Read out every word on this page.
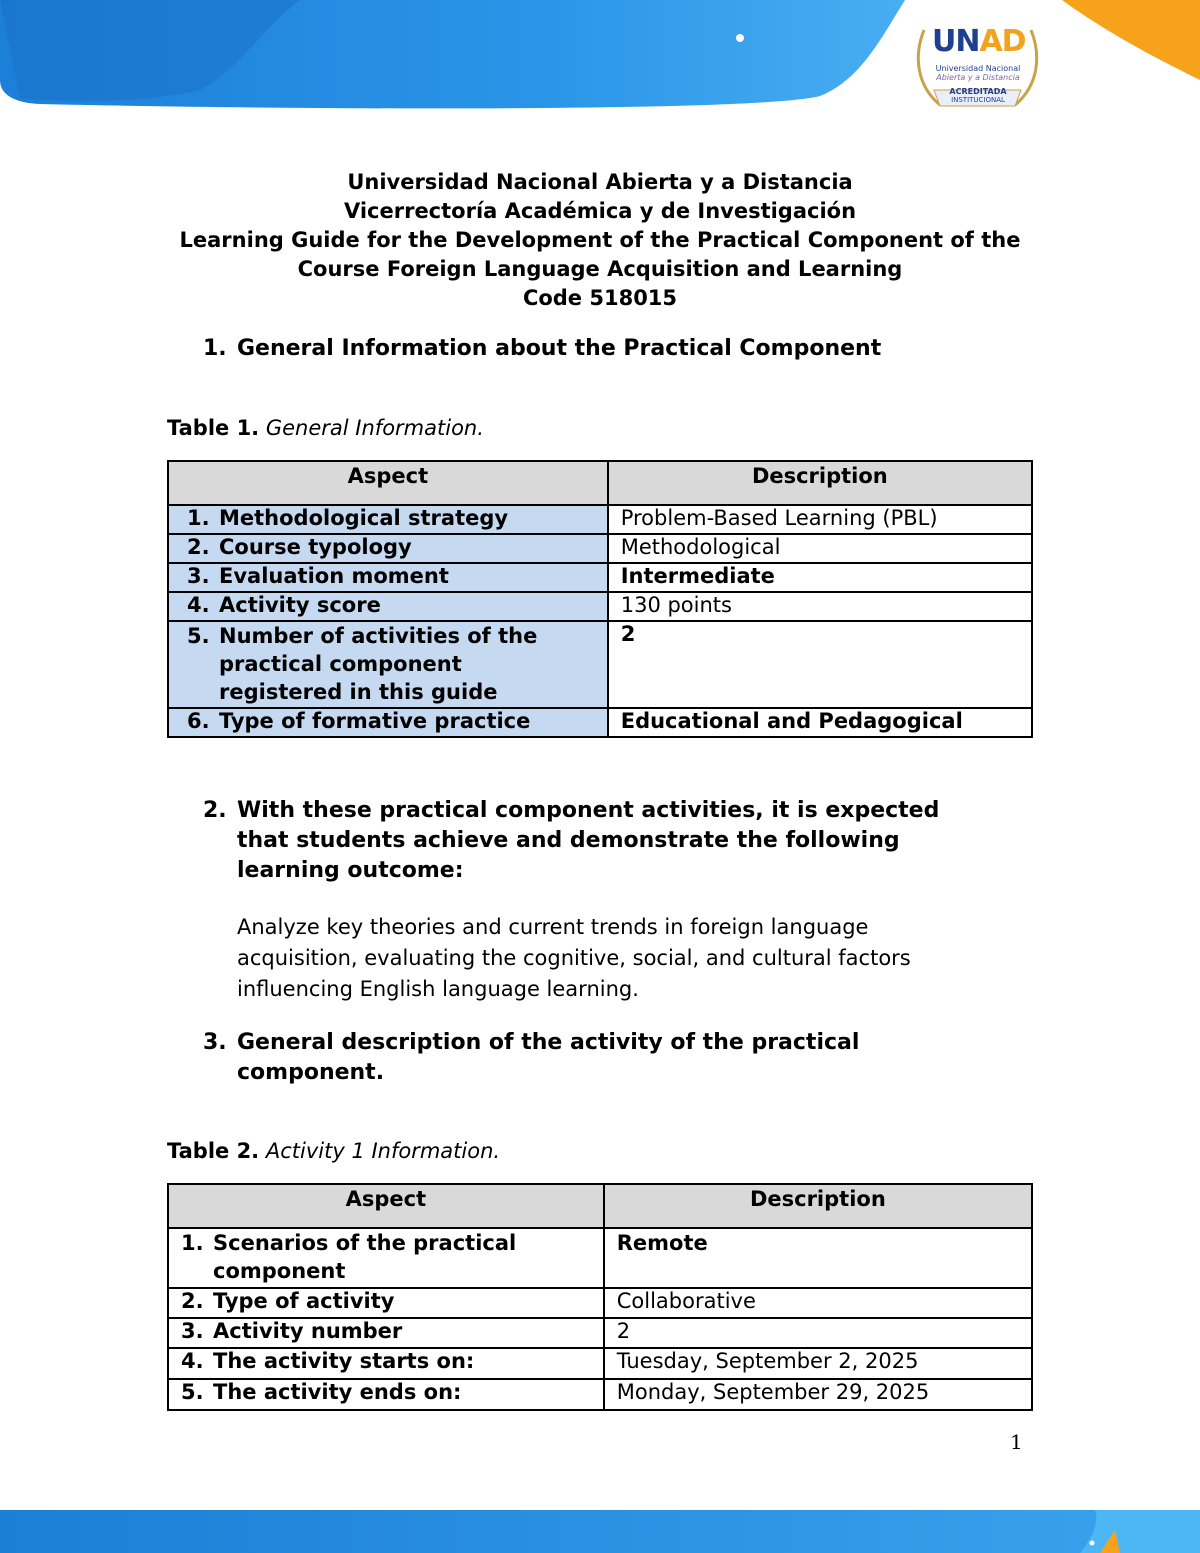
UNAD
Universidad Nacional
Abierta y a Distancia
ACREDITADA
INSTITUCIONAL
Universidad Nacional Abierta y a Distancia
Vicerrectoría Académica y de Investigación
Learning Guide for the Development of the Practical Component of the
Course Foreign Language Acquisition and Learning
Code 518015
1. General Information about the Practical Component
Table 1. General Information.
Aspect	Description
1. Methodological strategy	Problem-Based Learning (PBL)
2. Course typology	Methodological
3. Evaluation moment	Intermediate
4. Activity score	130 points
5. Number of activities of the practical component registered in this guide	2
6. Type of formative practice	Educational and Pedagogical
2. With these practical component activities, it is expected
that students achieve and demonstrate the following
learning outcome:
Analyze key theories and current trends in foreign language
acquisition, evaluating the cognitive, social, and cultural factors
influencing English language learning.
3. General description of the activity of the practical
component.
Table 2. Activity 1 Information.
Aspect	Description
1. Scenarios of the practical component	Remote
2. Type of activity	Collaborative
3. Activity number	2
4. The activity starts on:	Tuesday, September 2, 2025
5. The activity ends on:	Monday, September 29, 2025
1
